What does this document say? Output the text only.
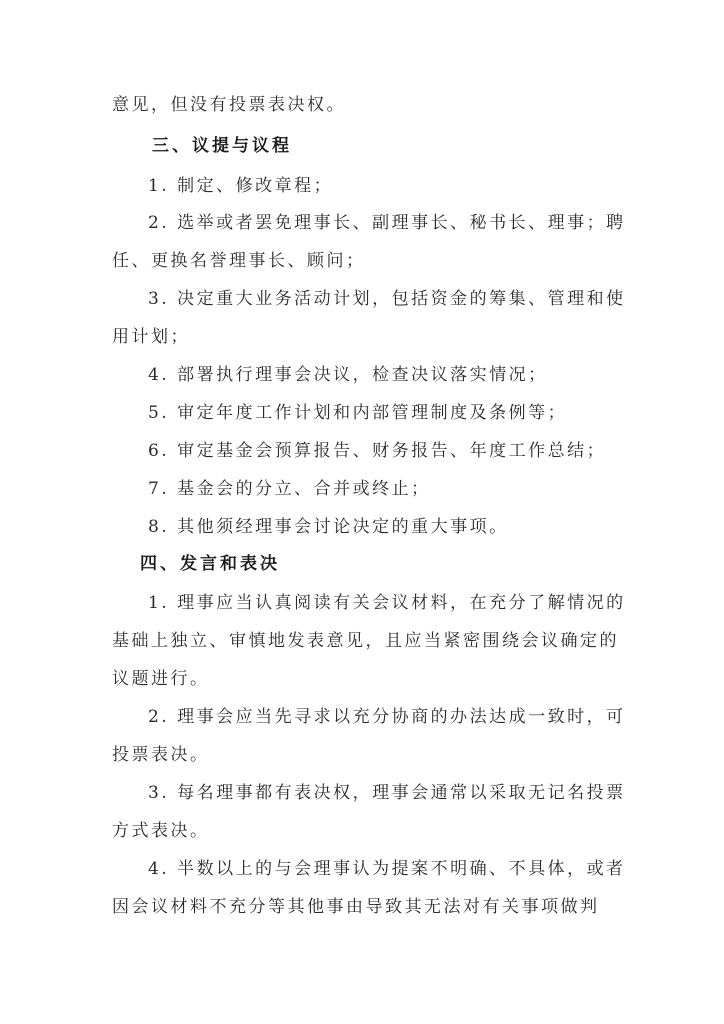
意见，但没有投票表决权。
三、议提与议程
1. 制定、修改章程；
2. 选举或者罢免理事长、副理事长、秘书长、理事；聘
任、更换名誉理事长、顾问；
3. 决定重大业务活动计划，包括资金的筹集、管理和使
用计划；
4. 部署执行理事会决议，检查决议落实情况；
5. 审定年度工作计划和内部管理制度及条例等；
6. 审定基金会预算报告、财务报告、年度工作总结；
7. 基金会的分立、合并或终止；
8. 其他须经理事会讨论决定的重大事项。
四、发言和表决
1. 理事应当认真阅读有关会议材料，在充分了解情况的
基础上独立、审慎地发表意见，且应当紧密围绕会议确定的
议题进行。
2. 理事会应当先寻求以充分协商的办法达成一致时，可
投票表决。
3. 每名理事都有表决权，理事会通常以采取无记名投票
方式表决。
4. 半数以上的与会理事认为提案不明确、不具体，或者
因会议材料不充分等其他事由导致其无法对有关事项做判
